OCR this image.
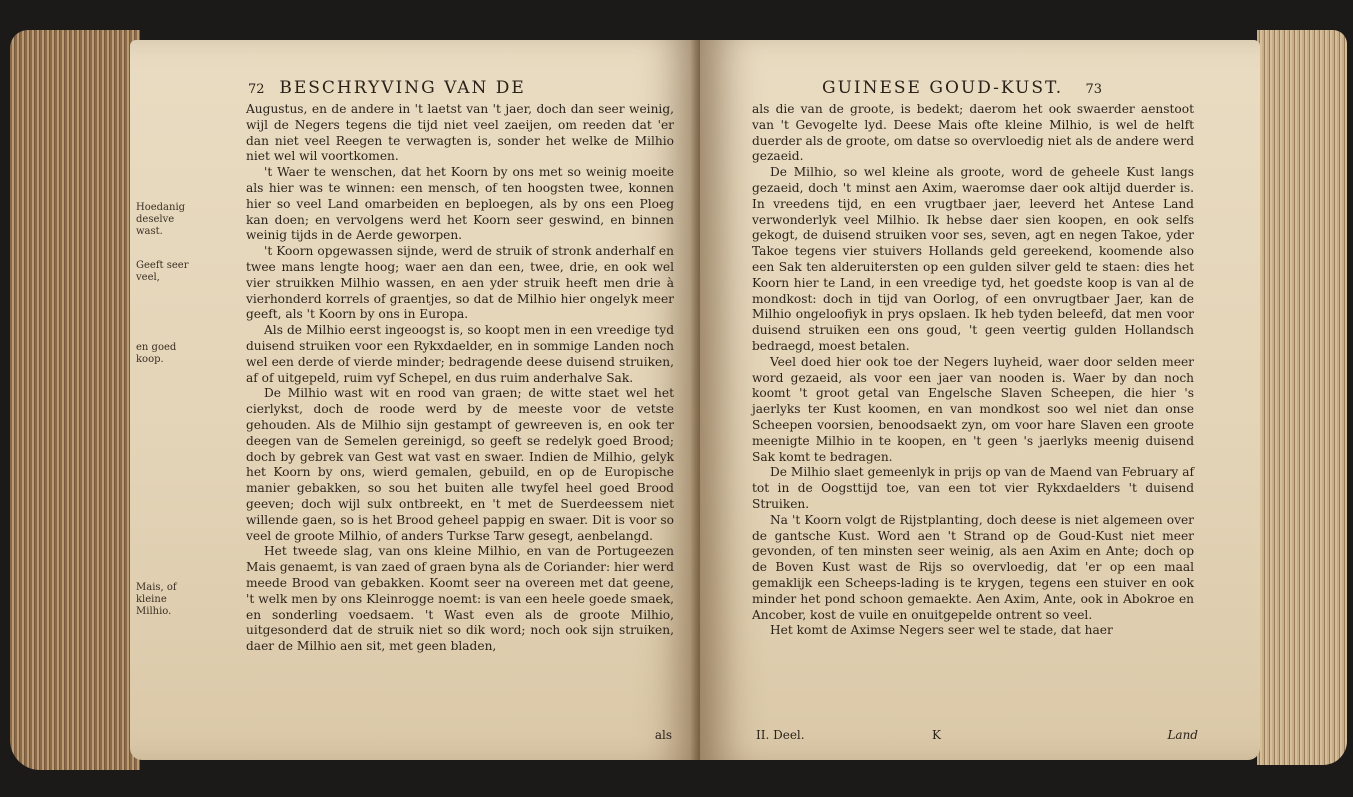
72 BESCHRYVING VAN DE
Hoedanig deselve wast.
Geeft seer veel,
en goed koop.
Mais, of kleine Milhio.

Augustus, en de andere in 't laetst van 't jaer, doch dan seer weinig, wijl de Negers tegens die tijd niet veel zaeijen, om reeden dat 'er dan niet veel Reegen te verwagten is, sonder het welke de Milhio niet wel wil voortkomen.

't Waer te wenschen, dat het Koorn by ons met so weinig moeite als hier was te winnen: een mensch, of ten hoogsten twee, konnen hier so veel Land omarbeiden en beploegen, als by ons een Ploeg kan doen; en vervolgens werd het Koorn seer geswind, en binnen weinig tijds in de Aerde geworpen.

't Koorn opgewassen sijnde, werd de struik of stronk anderhalf en twee mans lengte hoog; waer aen dan een, twee, drie, en ook wel vier struikken Milhio wassen, en aen yder struik heeft men drie à vierhonderd korrels of graentjes, so dat de Milhio hier ongelyk meer geeft, als 't Koorn by ons in Europa.

Als de Milhio eerst ingeoogst is, so koopt men in een vreedige tyd duisend struiken voor een Rykxdaelder, en in sommige Landen noch wel een derde of vierde minder; bedragende deese duisend struiken, af of uitgepeld, ruim vyf Schepel, en dus ruim anderhalve Sak.

De Milhio wast wit en rood van graen; de witte staet wel het cierlykst, doch de roode werd by de meeste voor de vetste gehouden. Als de Milhio sijn gestampt of gewreeven is, en ook ter deegen van de Semelen gereinigd, so geeft se redelyk goed Brood; doch by gebrek van Gest wat vast en swaer. Indien de Milhio, gelyk het Koorn by ons, wierd gemalen, gebuild, en op de Europische manier gebakken, so sou het buiten alle twyfel heel goed Brood geeven; doch wijl sulx ontbreekt, en 't met de Suerdeessem niet willende gaen, so is het Brood geheel pappig en swaer. Dit is voor so veel de groote Milhio, of anders Turkse Tarw gesegt, aenbelangd.

Het tweede slag, van ons kleine Milhio, en van de Portugeezen Mais genaemt, is van zaed of graen byna als de Coriander: hier werd meede Brood van gebakken. Koomt seer na overeen met dat geene, 't welk men by ons Kleinrogge noemt: is van een heele goede smaek, en sonderling voedsaem. 't Wast even als de groote Milhio, uitgesonderd dat de struik niet so dik word; noch ook sijn struiken, daer de Milhio aen sit, met geen bladen,

als
GUINESE GOUD-KUST. 73

als die van de groote, is bedekt; daerom het ook swaerder aenstoot van 't Gevogelte lyd. Deese Mais ofte kleine Milhio, is wel de helft duerder als de groote, om datse so overvloedig niet als de andere werd gezaeid.

De Milhio, so wel kleine als groote, word de geheele Kust langs gezaeid, doch 't minst aen Axim, waeromse daer ook altijd duerder is. In vreedens tijd, en een vrugtbaer jaer, leeverd het Antese Land verwonderlyk veel Milhio. Ik hebse daer sien koopen, en ook selfs gekogt, de duisend struiken voor ses, seven, agt en negen Takoe, yder Takoe tegens vier stuivers Hollands geld gereekend, koomende also een Sak ten alderuitersten op een gulden silver geld te staen: dies het Koorn hier te Land, in een vreedige tyd, het goedste koop is van al de mondkost: doch in tijd van Oorlog, of een onvrugtbaer Jaer, kan de Milhio ongeloofiyk in prys opslaen. Ik heb tyden beleefd, dat men voor duisend struiken een ons goud, 't geen veertig gulden Hollandsch bedraegd, moest betalen.

Veel doed hier ook toe der Negers luyheid, waer door selden meer word gezaeid, als voor een jaer van nooden is. Waer by dan noch koomt 't groot getal van Engelsche Slaven Scheepen, die hier 's jaerlyks ter Kust koomen, en van mondkost soo wel niet dan onse Scheepen voorsien, benoodsaekt zyn, om voor hare Slaven een groote meenigte Milhio in te koopen, en 't geen 's jaerlyks meenig duisend Sak komt te bedragen.

De Milhio slaet gemeenlyk in prijs op van de Maend van February af tot in de Oogsttijd toe, van een tot vier Rykxdaelders 't duisend Struiken.

Na 't Koorn volgt de Rijstplanting, doch deese is niet algemeen over de gantsche Kust. Word aen 't Strand op de Goud-Kust niet meer gevonden, of ten minsten seer weinig, als aen Axim en Ante; doch op de Boven Kust wast de Rijs so overvloedig, dat 'er op een maal gemaklijk een Scheeps-lading is te krygen, tegens een stuiver en ook minder het pond schoon gemaekte. Aen Axim, Ante, ook in Abokroe en Ancober, kost de vuile en onuitgepelde ontrent so veel.

Het komt de Aximse Negers seer wel te stade, dat haer

II. Deel.	K	Land
